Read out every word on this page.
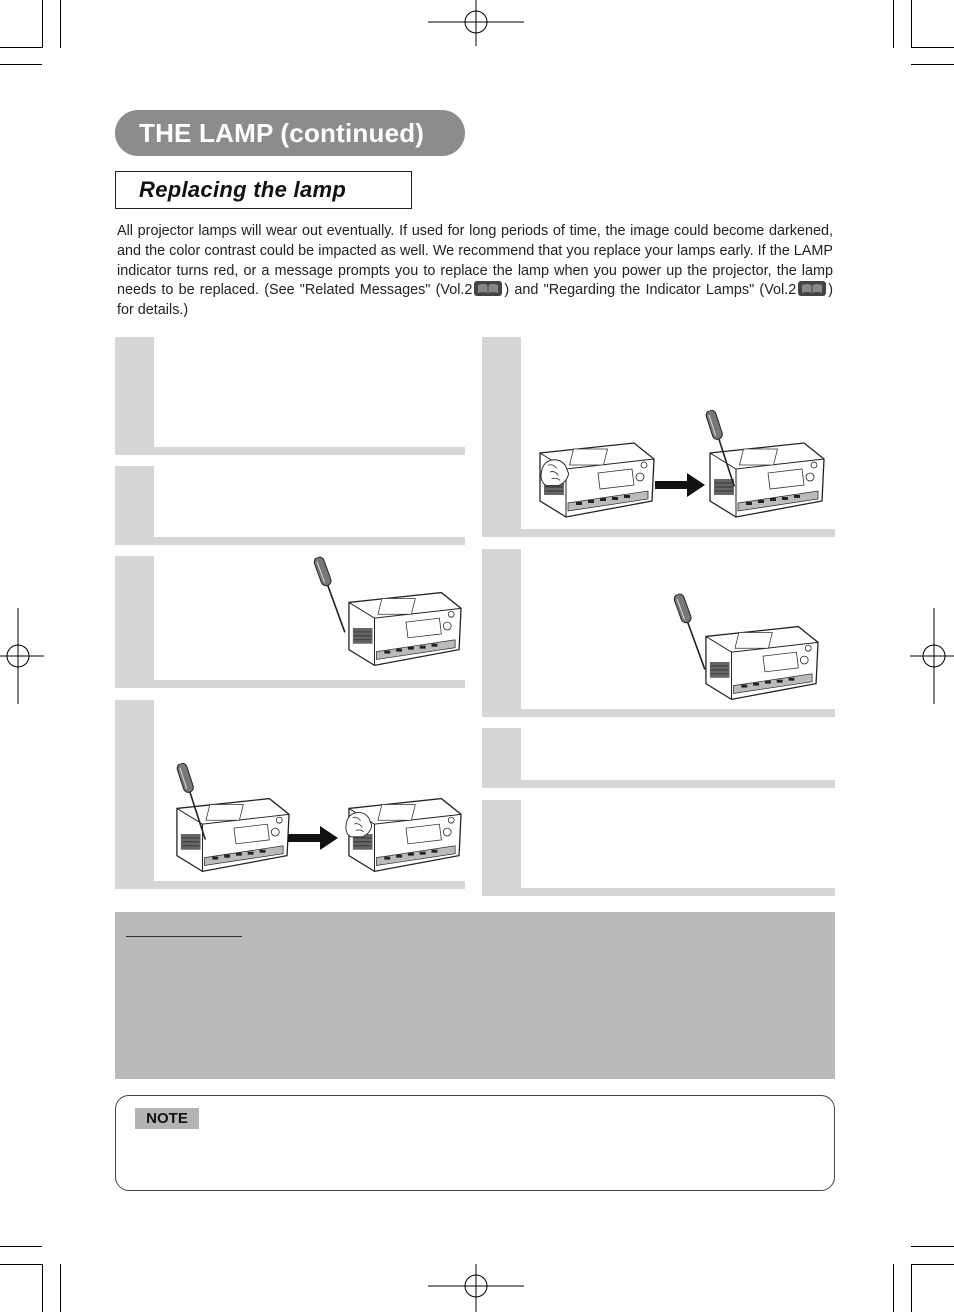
THE LAMP (continued)
Replacing the lamp

All projector lamps will wear out eventually. If used for long periods of time, the image could become darkened, and the color contrast could be impacted as well. We recommend that you replace your lamps early. If the LAMP indicator turns red, or a message prompts you to replace the lamp when you power up the projector, the lamp needs to be replaced. (See "Related Messages" (Vol.2 ) and "Regarding the Indicator Lamps" (Vol.2 ) for details.)

NOTE
